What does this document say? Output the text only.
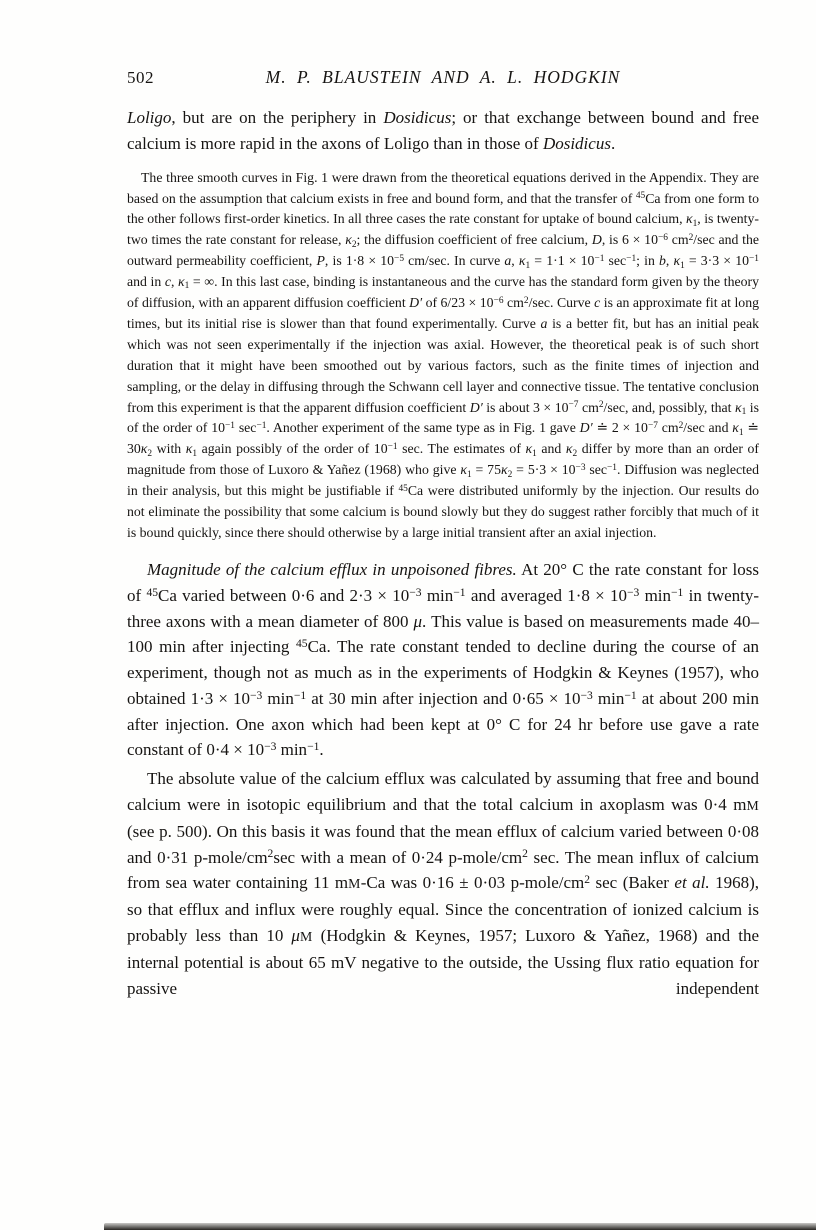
502	M. P. BLAUSTEIN AND A. L. HODGKIN

Loligo, but are on the periphery in Dosidicus; or that exchange between bound and free calcium is more rapid in the axons of Loligo than in those of Dosidicus.

The three smooth curves in Fig. 1 were drawn from the theoretical equations derived in the Appendix. They are based on the assumption that calcium exists in free and bound form, and that the transfer of $^{45}$Ca from one form to the other follows first-order kinetics. In all three cases the rate constant for uptake of bound calcium, κ1, is twenty-two times the rate constant for release, κ2; the diffusion coefficient of free calcium, D, is $6 \times 10^{-6}$ $cm^2/\sec$ and the outward permeability coefficient, P, is $1\cdot 8 \times 10^{-5}$ cm/sec. In curve a, $\kappa 1 = 1\cdot 1 \times 10^{-1}$ $\sec^{-1}$; in b, $\kappa 1 = 3\cdot 3 \times 10^{-1}$ and in c, κ1 = ∞. In this last case, binding is instantaneous and the curve has the standard form given by the theory of diffusion, with an apparent diffusion coefficient D′ of $6/23 \times 10^{-6}$ $cm^2/\sec$. Curve c is an approximate fit at long times, but its initial rise is slower than that found experimentally. Curve a is a better fit, but has an initial peak which was not seen experimentally if the injection was axial. However, the theoretical peak is of such short duration that it might have been smoothed out by various factors, such as the finite times of injection and sampling, or the delay in diffusing through the Schwann cell layer and connective tissue. The tentative conclusion from this experiment is that the apparent diffusion coefficient D′ is about $3 \times 10^{-7}$ $cm^2/\sec$, and, possibly, that κ1 is of the order of $10^{-1}$ $\sec^{-1}$. Another experiment of the same type as in Fig. 1 gave D′ ≐ $2 \times 10^{-7}$ $cm^2/\sec$ and κ1 ≐ 30κ2 with κ1 again possibly of the order of $10^{-1}$ sec. The estimates of κ1 and κ2 differ by more than an order of magnitude from those of Luxoro & Yañez (1968) who give $\kappa 1 = 75\kappa 2 = 5\cdot 3 \times 10^{-3}$ $\sec^{-1}$. Diffusion was neglected in their analysis, but this might be justifiable if $^{45}$Ca were distributed uniformly by the injection. Our results do not eliminate the possibility that some calcium is bound slowly but they do suggest rather forcibly that much of it is bound quickly, since there should otherwise by a large initial transient after an axial injection.

Magnitude of the calcium efflux in unpoisoned fibres. At 20° C the rate constant for loss of $^{45}$Ca varied between 0·6 and $2\cdot 3 \times 10^{-3}$ $\min^{-1}$ and averaged $1\cdot 8 \times 10^{-3}$ $\min^{-1}$ in twenty-three axons with a mean diameter of 800 μ. This value is based on measurements made 40–100 min after injecting $^{45}$Ca. The rate constant tended to decline during the course of an experiment, though not as much as in the experiments of Hodgkin & Keynes (1957), who obtained $1\cdot 3 \times 10^{-3}$ $\min^{-1}$ at 30 min after injection and $0\cdot 65 \times 10^{-3}$ $\min^{-1}$ at about 200 min after injection. One axon which had been kept at 0° C for 24 hr before use gave a rate constant of $0\cdot 4 \times 10^{-3}$ $\min^{-1}$.

The absolute value of the calcium efflux was calculated by assuming that free and bound calcium were in isotopic equilibrium and that the total calcium in axoplasm was 0·4 mM (see p. 500). On this basis it was found that the mean efflux of calcium varied between 0·08 and 0·31 $p-mole/cm^2\sec$ with a mean of 0·24 $p-mole/cm^2$ sec. The mean influx of calcium from sea water containing 11 mM-Ca was 0·16 ± 0·03 $p-mole/cm^2$ sec (Baker et al. 1968), so that efflux and influx were roughly equal. Since the concentration of ionized calcium is probably less than 10 μM (Hodgkin & Keynes, 1957; Luxoro & Yañez, 1968) and the internal potential is about 65 mV negative to the outside, the Ussing flux ratio equation for passive independent
